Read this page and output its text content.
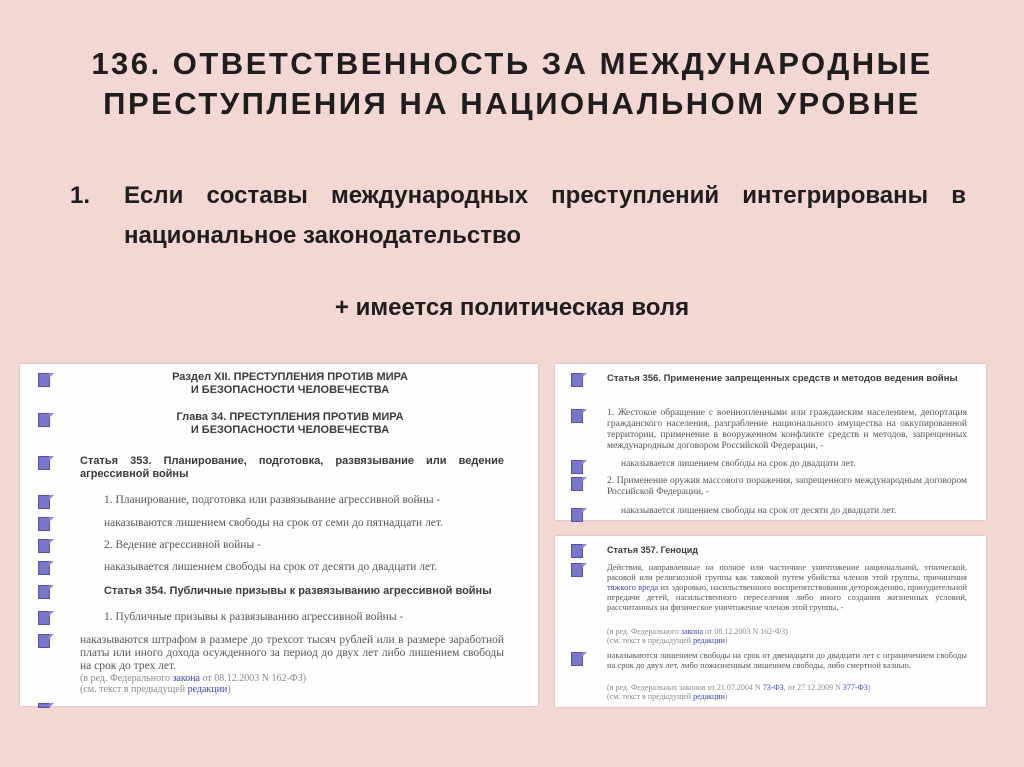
136. ОТВЕТСТВЕННОСТЬ ЗА МЕЖДУНАРОДНЫЕ
ПРЕСТУПЛЕНИЯ НА НАЦИОНАЛЬНОМ УРОВНЕ
1. Если составы международных преступлений интегрированы в национальное законодательство
+ имеется политическая воля
Раздел XII. ПРЕСТУПЛЕНИЯ ПРОТИВ МИРА
И БЕЗОПАСНОСТИ ЧЕЛОВЕЧЕСТВА
Глава 34. ПРЕСТУПЛЕНИЯ ПРОТИВ МИРА
И БЕЗОПАСНОСТИ ЧЕЛОВЕЧЕСТВА
Статья 353. Планирование, подготовка, развязывание или ведение агрессивной войны
1. Планирование, подготовка или развязывание агрессивной войны -
наказываются лишением свободы на срок от семи до пятнадцати лет.
2. Ведение агрессивной войны -
наказывается лишением свободы на срок от десяти до двадцати лет.
Статья 354. Публичные призывы к развязыванию агрессивной войны
1. Публичные призывы к развязыванию агрессивной войны -
наказываются штрафом в размере до трехсот тысяч рублей или в размере заработной платы или иного дохода осужденного за период до двух лет либо лишением свободы на срок до трех лет.
(в ред. Федерального закона от 08.12.2003 N 162-ФЗ)
(см. текст в предыдущей редакции)
Статья 356. Применение запрещенных средств и методов ведения войны
1. Жестокое обращение с военнопленными или гражданским населением, депортация гражданского населения, разграбление национального имущества на оккупированной территории, применение в вооруженном конфликте средств и методов, запрещенных международным договором Российской Федерации, -
наказывается лишением свободы на срок до двадцати лет.
2. Применение оружия массового поражения, запрещенного международным договором Российской Федерации, -
наказывается лишением свободы на срок от десяти до двадцати лет.
Статья 357. Геноцид
Действия, направленные на полное или частичное уничтожение национальной, этнической, расовой или религиозной группы как таковой путем убийства членов этой группы, причинения тяжкого вреда их здоровью, насильственного воспрепятствования деторождению, принудительной передачи детей, насильственного переселения либо иного создания жизненных условий, рассчитанных на физическое уничтожение членов этой группы, -
(в ред. Федерального закона от 08.12.2003 N 162-ФЗ)
(см. текст в предыдущей редакции)
наказываются лишением свободы на срок от двенадцати до двадцати лет с ограничением свободы на срок до двух лет, либо пожизненным лишением свободы, либо смертной казнью.
(в ред. Федеральных законов от 21.07.2004 N 73-ФЗ, от 27.12.2009 N 377-ФЗ)
(см. текст в предыдущей редакции)
